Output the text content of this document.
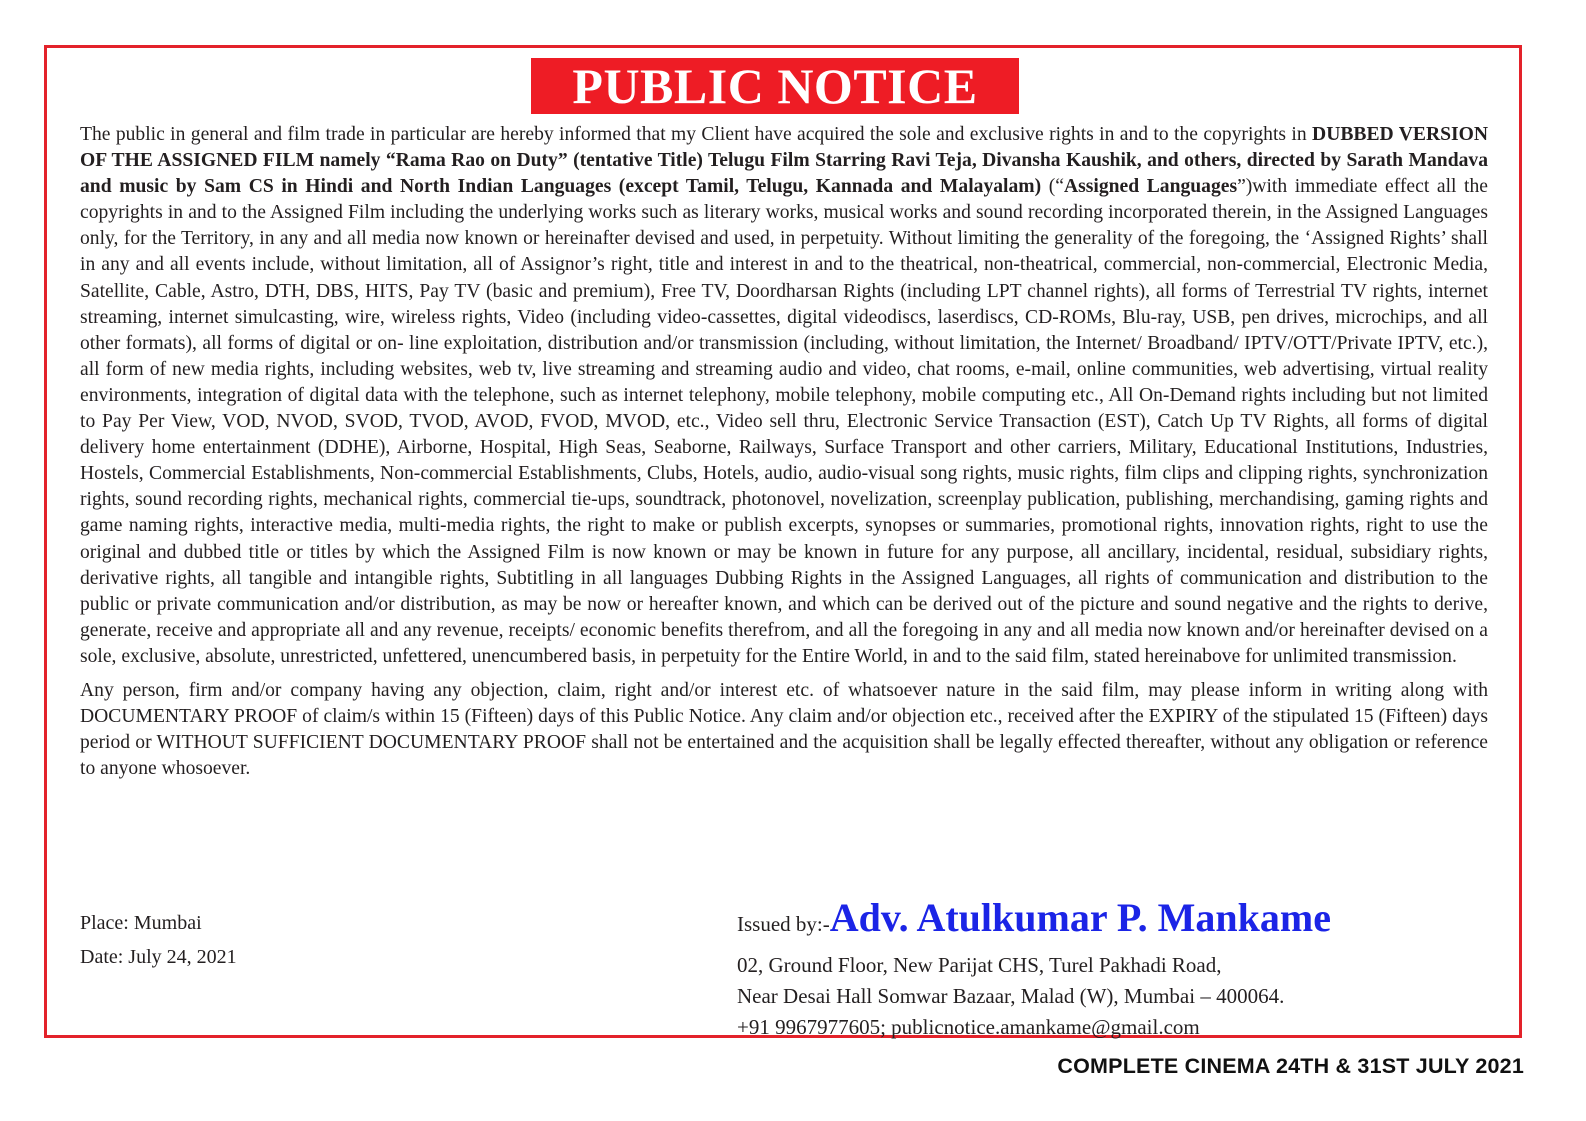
PUBLIC NOTICE

The public in general and film trade in particular are hereby informed that my Client have acquired the sole and exclusive rights in and to the copyrights in DUBBED VERSION OF THE ASSIGNED FILM namely “Rama Rao on Duty” (tentative Title) Telugu Film Starring Ravi Teja, Divansha Kaushik, and others, directed by Sarath Mandava and music by Sam CS in Hindi and North Indian Languages (except Tamil, Telugu, Kannada and Malayalam) (“Assigned Languages”)with immediate effect all the copyrights in and to the Assigned Film including the underlying works such as literary works, musical works and sound recording incorporated therein, in the Assigned Languages only, for the Territory, in any and all media now known or hereinafter devised and used, in perpetuity. Without limiting the generality of the foregoing, the ‘Assigned Rights’ shall in any and all events include, without limitation, all of Assignor’s right, title and interest in and to the theatrical, non-theatrical, commercial, non-commercial, Electronic Media, Satellite, Cable, Astro, DTH, DBS, HITS, Pay TV (basic and premium), Free TV, Doordharsan Rights (including LPT channel rights), all forms of Terrestrial TV rights, internet streaming, internet simulcasting, wire, wireless rights, Video (including video-cassettes, digital videodiscs, laserdiscs, CD-ROMs, Blu-ray, USB, pen drives, microchips, and all other formats), all forms of digital or on- line exploitation, distribution and/or transmission (including, without limitation, the Internet/ Broadband/ IPTV/OTT/Private IPTV, etc.), all form of new media rights, including websites, web tv, live streaming and streaming audio and video, chat rooms, e-mail, online communities, web advertising, virtual reality environments, integration of digital data with the telephone, such as internet telephony, mobile telephony, mobile computing etc., All On-Demand rights including but not limited to Pay Per View, VOD, NVOD, SVOD, TVOD, AVOD, FVOD, MVOD, etc., Video sell thru, Electronic Service Transaction (EST), Catch Up TV Rights, all forms of digital delivery home entertainment (DDHE), Airborne, Hospital, High Seas, Seaborne, Railways, Surface Transport and other carriers, Military, Educational Institutions, Industries, Hostels, Commercial Establishments, Non-commercial Establishments, Clubs, Hotels, audio, audio-visual song rights, music rights, film clips and clipping rights, synchronization rights, sound recording rights, mechanical rights, commercial tie-ups, soundtrack, photonovel, novelization, screenplay publication, publishing, merchandising, gaming rights and game naming rights, interactive media, multi-media rights, the right to make or publish excerpts, synopses or summaries, promotional rights, innovation rights, right to use the original and dubbed title or titles by which the Assigned Film is now known or may be known in future for any purpose, all ancillary, incidental, residual, subsidiary rights, derivative rights, all tangible and intangible rights, Subtitling in all languages Dubbing Rights in the Assigned Languages, all rights of communication and distribution to the public or private communication and/or distribution, as may be now or hereafter known, and which can be derived out of the picture and sound negative and the rights to derive, generate, receive and appropriate all and any revenue, receipts/ economic benefits therefrom, and all the foregoing in any and all media now known and/or hereinafter devised on a sole, exclusive, absolute, unrestricted, unfettered, unencumbered basis, in perpetuity for the Entire World, in and to the said film, stated hereinabove for unlimited transmission.

Any person, firm and/or company having any objection, claim, right and/or interest etc. of whatsoever nature in the said film, may please inform in writing along with DOCUMENTARY PROOF of claim/s within 15 (Fifteen) days of this Public Notice. Any claim and/or objection etc., received after the EXPIRY of the stipulated 15 (Fifteen) days period or WITHOUT SUFFICIENT DOCUMENTARY PROOF shall not be entertained and the acquisition shall be legally effected thereafter, without any obligation or reference to anyone whosoever.

Place: Mumbai
Date: July 24, 2021
Issued by:-Adv. Atulkumar P. Mankame
02, Ground Floor, New Parijat CHS, Turel Pakhadi Road,
Near Desai Hall Somwar Bazaar, Malad (W), Mumbai – 400064.
+91 9967977605; publicnotice.amankame@gmail.com
COMPLETE CINEMA 24TH & 31ST JULY 2021
